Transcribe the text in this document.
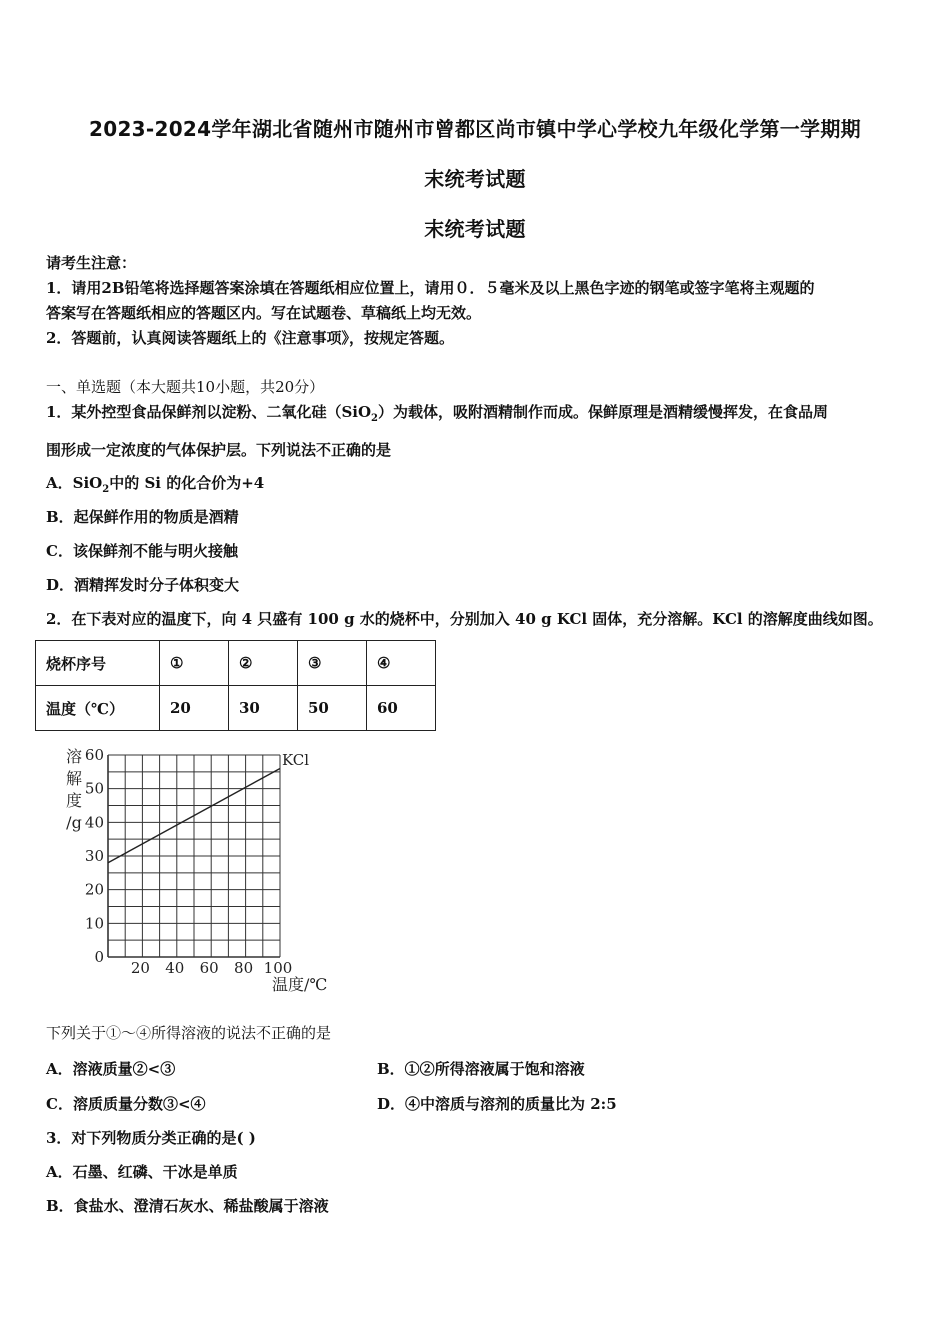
2023-2024学年湖北省随州市随州市曾都区尚市镇中学心学校九年级化学第一学期期
末统考试题
末统考试题
请考生注意：
1．请用2B铅笔将选择题答案涂填在答题纸相应位置上，请用０．５毫米及以上黑色字迹的钢笔或签字笔将主观题的
答案写在答题纸相应的答题区内。写在试题卷、草稿纸上均无效。
2．答题前，认真阅读答题纸上的《注意事项》，按规定答题。
一、单选题（本大题共10小题，共20分）
1．某外控型食品保鲜剂以淀粉、二氧化硅（SiO$_2$）为载体，吸附酒精制作而成。保鲜原理是酒精缓慢挥发，在食品周
围形成一定浓度的气体保护层。下列说法不正确的是
A．SiO$_2$中的 Si 的化合价为+4
B．起保鲜作用的物质是酒精
C．该保鲜剂不能与明火接触
D．酒精挥发时分子体积变大
2．在下表对应的温度下，向 4 只盛有 100 g 水的烧杯中，分别加入 40 g KCl 固体，充分溶解。KCl 的溶解度曲线如图。
烧杯序号	①	②	③	④
温度（℃）	20	30	50	60
0
10
20
30
40
50
60
20 40 60 80 100
KCl
溶
解
度
/g
温度/℃
下列关于①～④所得溶液的说法不正确的是
A．溶液质量②<③	B．①②所得溶液属于饱和溶液
C．溶质质量分数③<④	D．④中溶质与溶剂的质量比为 2:5
3．对下列物质分类正确的是( )
A．石墨、红磷、干冰是单质
B．食盐水、澄清石灰水、稀盐酸属于溶液
